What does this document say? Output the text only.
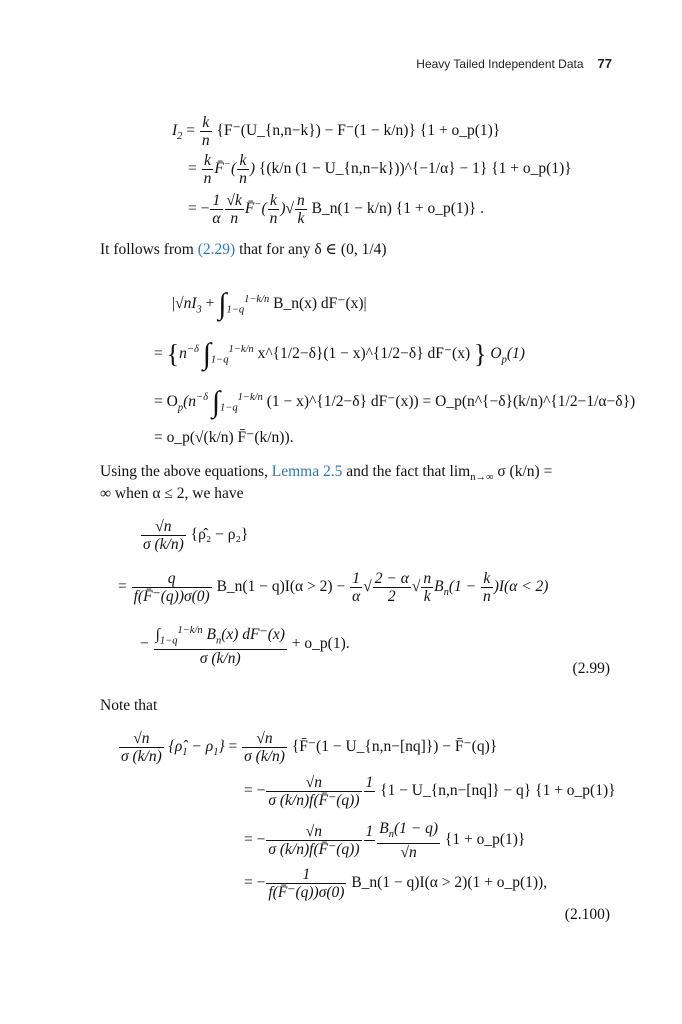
Heavy Tailed Independent Data 77
$I_2 = \frac{k}{n}$ {F⁻(U_{n,n−k}) − F⁻(1 − k/n)} {1 + o_p(1)}
= $\frac{k}{n}$ F̄−( $\frac{k}{n}$ ) {(k/n (1 − U_{n,n−k}))^{−1/α} − 1} {1 + o_p(1)}
= − $\frac{1}{\alpha} \frac{√k}{n}$ F̄−( $\frac{k}{n}$ )√ $\frac{n}{k}$ B_n(1 − k/n) {1 + o_p(1)} .
It follows from (2.29) that for any δ ∈ (0, 1/4)
$|√nI_3 + \int_{1-q}^{1-k/n}$ B_n(x) dF⁻(x)|
= {$n^{-\delta}$ $\int_{1-q}^{1-k/n}$ x^{1/2−δ}(1 − x)^{1/2−δ} dF⁻(x) } $O_p(1)$
= $O_p(n^{-\delta}$ $\int_{1-q}^{1-k/n}$ (1 − x)^{1/2−δ} dF⁻(x)) = O_p(n^{−δ}(k/n)^{1/2−1/α−δ})
= o_p(√(k/n) F̄⁻(k/n)).
Using the above equations, Lemma 2.5 and the fact that $\lim_{n\to\infty} \sigma$ (k/n) =
∞ when α ≤ 2, we have
$\frac{√n}{\sigma (k/n)}$ {ρ̂₂ − ρ₂}
= $\frac{q}{f(F̄^-(q))\sigma(0)}$ B_n(1 − $q)I(\alpha > 2) - \frac{1}{\alpha}$ √ $\frac{2 - \alpha}{2}$ √ $\frac{n}{k} B_n(1 - \frac{k}{n} )I(\alpha < 2)$
− $\frac{\int_{1-q}^{1-k/n} B_n(x) dF^-(x)}{\sigma (k/n)}$ + o_p(1).
(2.99)
Note that
$\frac{√n}{\sigma (k/n)}$ $\{\rhô_1 - \rho_1\} = \frac{√n}{\sigma (k/n)}$ {F̄⁻(1 − U_{n,n−[nq]}) − F̄⁻(q)}
= − $\frac{√n}{\sigma (k/n)f(F̄^-(q))} 1$
{1 − U_{n,n−[nq]} − q} {1 + o_p(1)}
= − $\frac{√n}{\sigma (k/n)f(F̄^-(q))} 1$
$\frac{B_n(1 - q)}{√n} \{1$ + o_p(1)}
= − $\frac{1}{f(F̄^-(q))\sigma(0)}$ B_n(1 − q)I(α > 2)(1 + o_p(1)),
(2.100)
